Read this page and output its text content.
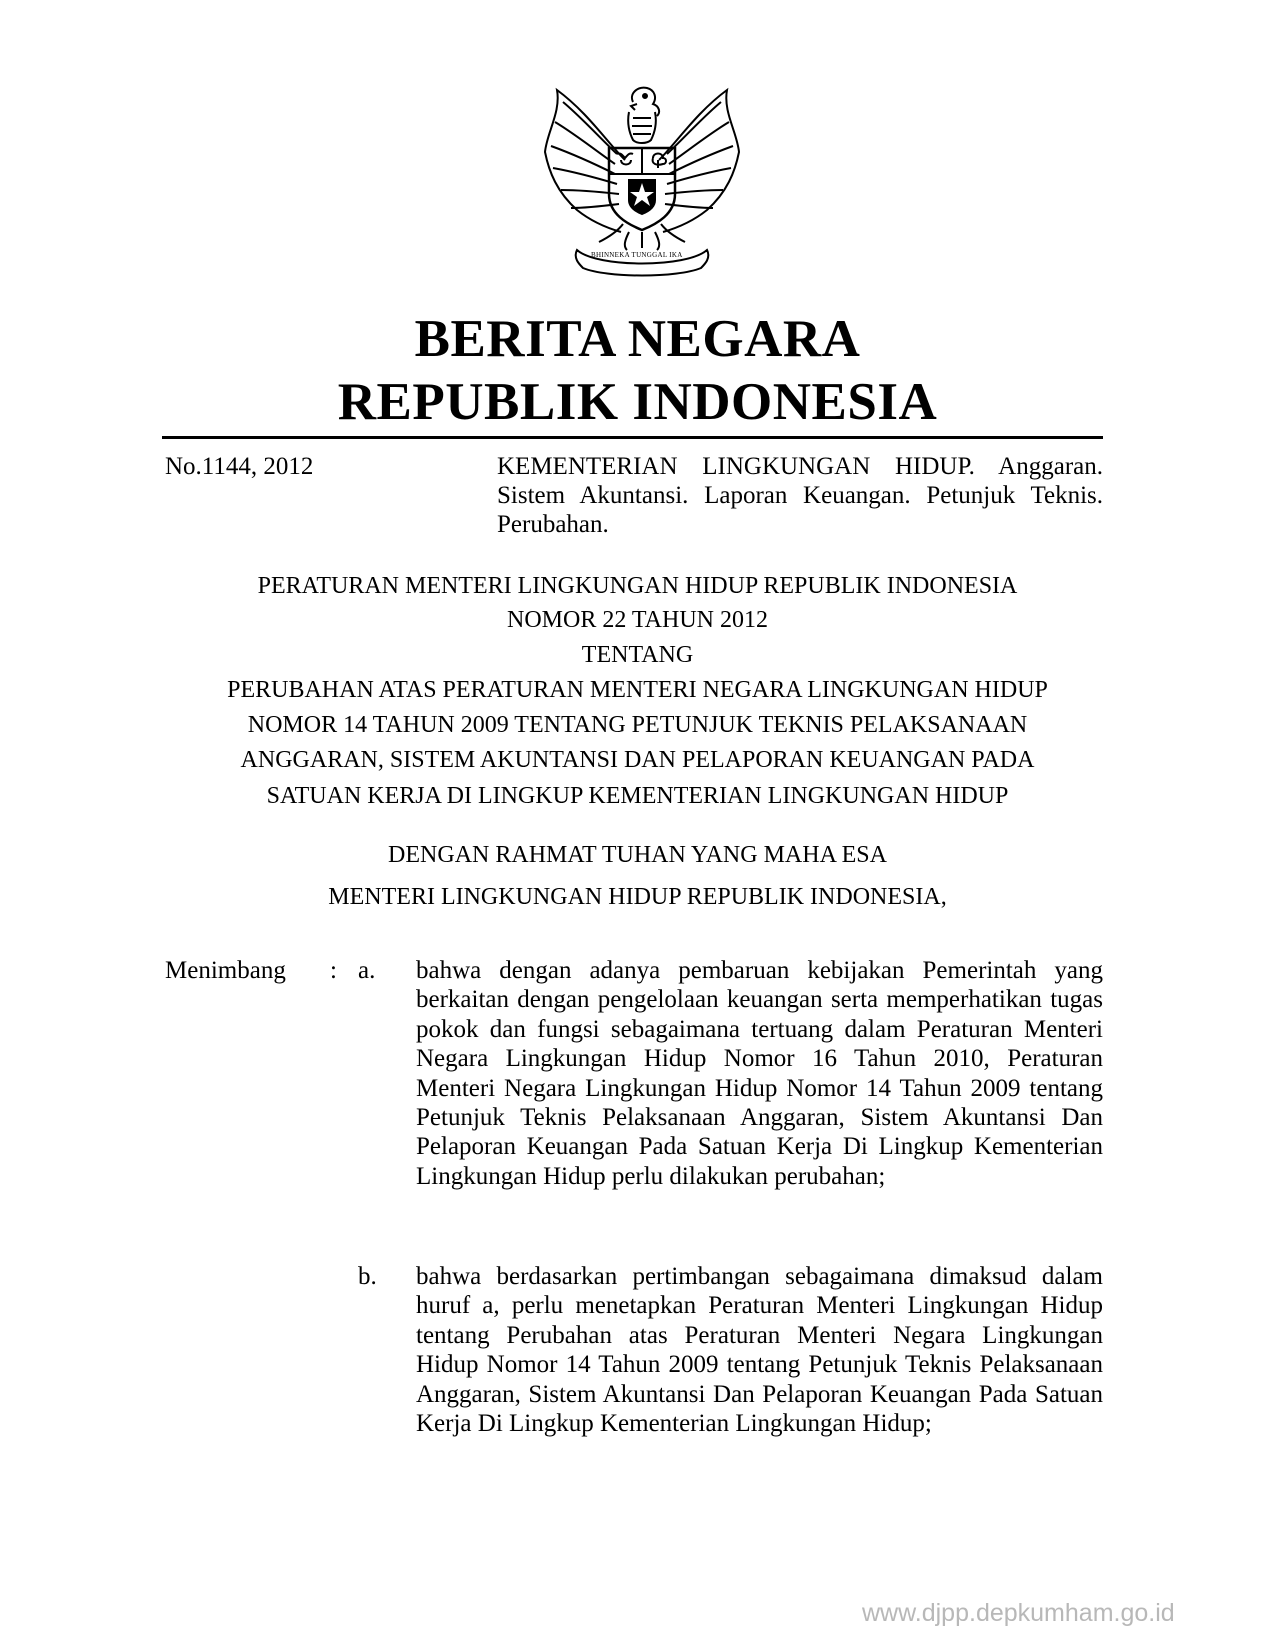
BHINNEKA TUNGGAL IKA
BERITA NEGARA
REPUBLIK INDONESIA
No.1144, 2012	KEMENTERIAN LINGKUNGAN HIDUP. Anggaran. Sistem Akuntansi. Laporan Keuangan. Petunjuk Teknis. Perubahan.
PERATURAN MENTERI LINGKUNGAN HIDUP REPUBLIK INDONESIA
NOMOR 22 TAHUN 2012
TENTANG
PERUBAHAN ATAS PERATURAN MENTERI NEGARA LINGKUNGAN HIDUP
NOMOR 14 TAHUN 2009 TENTANG PETUNJUK TEKNIS PELAKSANAAN
ANGGARAN, SISTEM AKUNTANSI DAN PELAPORAN KEUANGAN PADA
SATUAN KERJA DI LINGKUP KEMENTERIAN LINGKUNGAN HIDUP
DENGAN RAHMAT TUHAN YANG MAHA ESA
MENTERI LINGKUNGAN HIDUP REPUBLIK INDONESIA,
Menimbang : a. bahwa dengan adanya pembaruan kebijakan Pemerintah yang berkaitan dengan pengelolaan keuangan serta memperhatikan tugas pokok dan fungsi sebagaimana tertuang dalam Peraturan Menteri Negara Lingkungan Hidup Nomor 16 Tahun 2010, Peraturan Menteri Negara Lingkungan Hidup Nomor 14 Tahun 2009 tentang Petunjuk Teknis Pelaksanaan Anggaran, Sistem Akuntansi Dan Pelaporan Keuangan Pada Satuan Kerja Di Lingkup Kementerian Lingkungan Hidup perlu dilakukan perubahan;
b. bahwa berdasarkan pertimbangan sebagaimana dimaksud dalam huruf a, perlu menetapkan Peraturan Menteri Lingkungan Hidup tentang Perubahan atas Peraturan Menteri Negara Lingkungan Hidup Nomor 14 Tahun 2009 tentang Petunjuk Teknis Pelaksanaan Anggaran, Sistem Akuntansi Dan Pelaporan Keuangan Pada Satuan Kerja Di Lingkup Kementerian Lingkungan Hidup;
www.djpp.depkumham.go.id
